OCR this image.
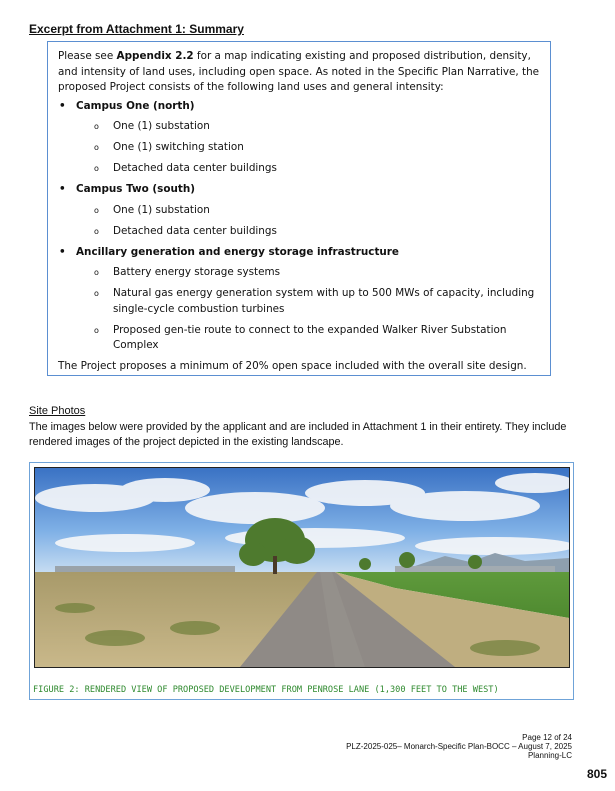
Excerpt from Attachment 1: Summary

Please see Appendix 2.2 for a map indicating existing and proposed distribution, density, and intensity of land uses, including open space. As noted in the Specific Plan Narrative, the proposed Project consists of the following land uses and general intensity:

• Campus One (north)
o One (1) substation
o One (1) switching station
o Detached data center buildings
• Campus Two (south)
o One (1) substation
o Detached data center buildings
• Ancillary generation and energy storage infrastructure
o Battery energy storage systems
o Natural gas energy generation system with up to 500 MWs of capacity, including single-cycle combustion turbines
o Proposed gen-tie route to connect to the expanded Walker River Substation Complex

The Project proposes a minimum of 20% open space included with the overall site design.

Site Photos
The images below were provided by the applicant and are included in Attachment 1 in their entirety. They include rendered images of the project depicted in the existing landscape.
FIGURE 2: RENDERED VIEW OF PROPOSED DEVELOPMENT FROM PENROSE LANE (1,300 FEET TO THE WEST)
Page 12 of 24
PLZ-2025-025– Monarch-Specific Plan-BOCC – August 7, 2025
Planning-LC
805
